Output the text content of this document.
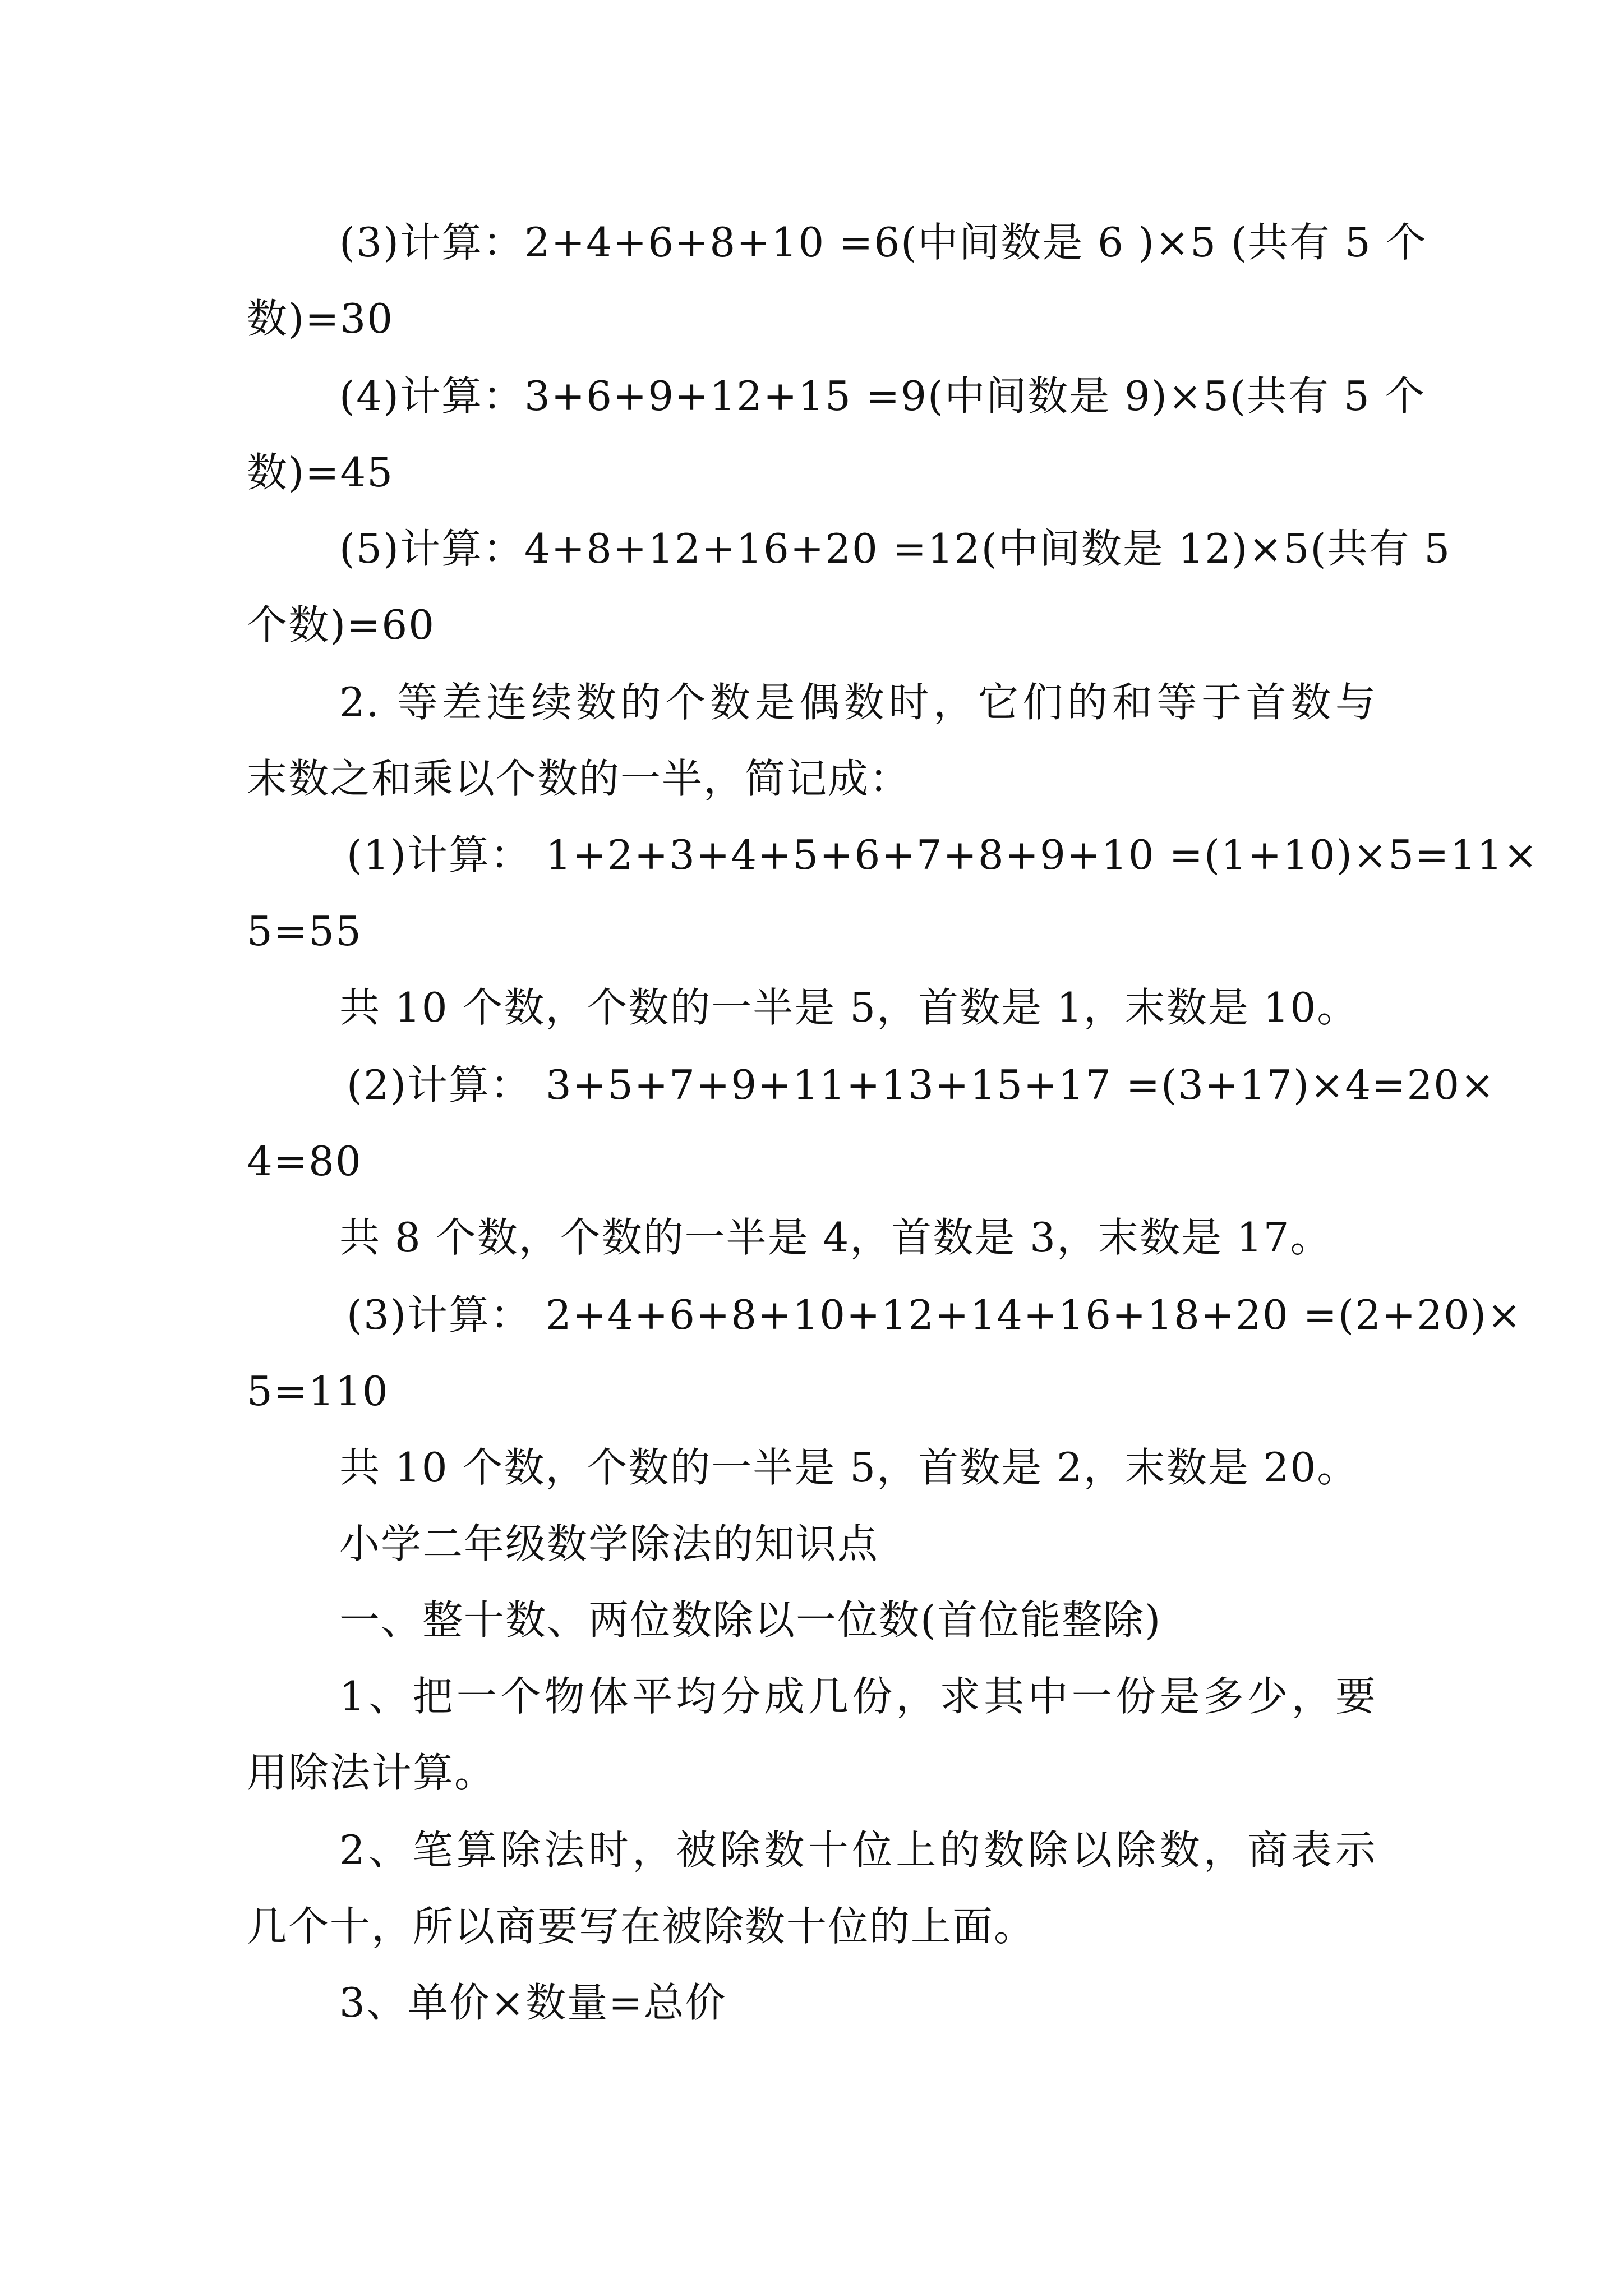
(3)计算：2+4+6+8+10 =6(中间数是 6 )×5 (共有 5 个
数)=30
(4)计算：3+6+9+12+15 =9(中间数是 9)×5(共有 5 个
数)=45
(5)计算：4+8+12+16+20 =12(中间数是 12)×5(共有 5
个数)=60
2. 等差连续数的个数是偶数时，它们的和等于首数与
末数之和乘以个数的一半，简记成：
(1)计算： 1+2+3+4+5+6+7+8+9+10 =(1+10)×5=11×
5=55
共 10 个数，个数的一半是 5，首数是 1，末数是 10。
(2)计算： 3+5+7+9+11+13+15+17 =(3+17)×4=20×
4=80
共 8 个数，个数的一半是 4，首数是 3，末数是 17。
(3)计算： 2+4+6+8+10+12+14+16+18+20 =(2+20)×
5=110
共 10 个数，个数的一半是 5，首数是 2，末数是 20。
小学二年级数学除法的知识点
一、整十数、两位数除以一位数(首位能整除)
1、把一个物体平均分成几份，求其中一份是多少，要
用除法计算。
2、笔算除法时，被除数十位上的数除以除数，商表示
几个十，所以商要写在被除数十位的上面。
3、单价×数量=总价
